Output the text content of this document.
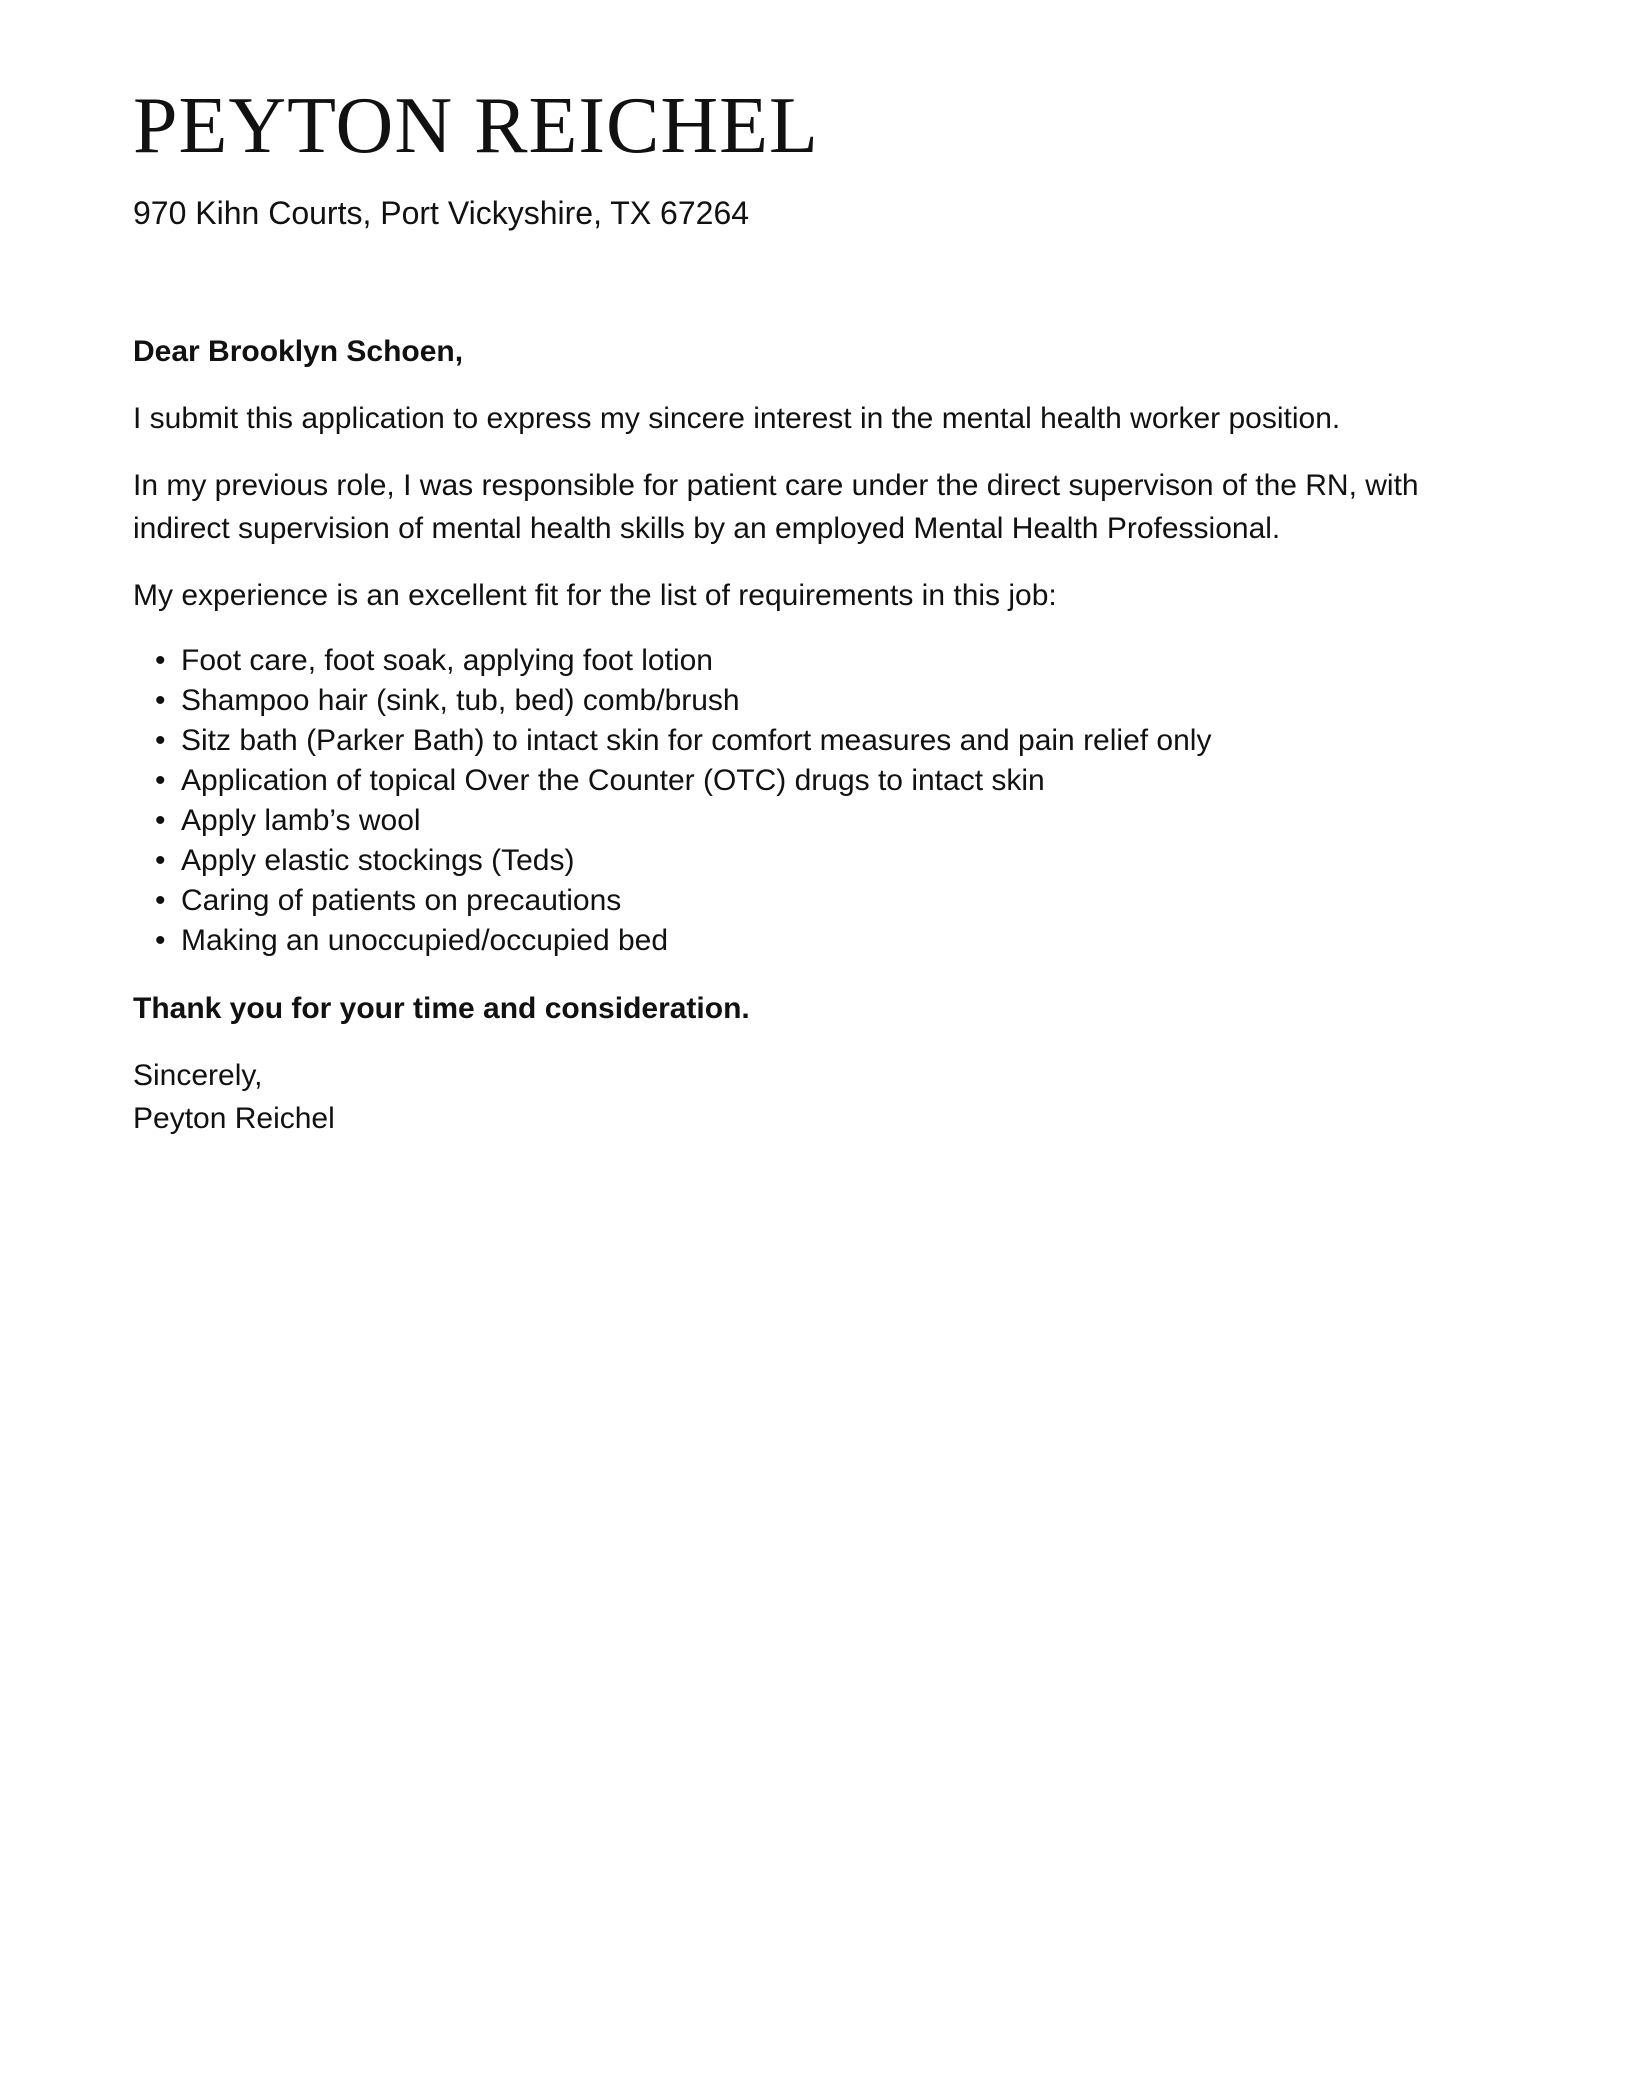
PEYTON REICHEL
970 Kihn Courts, Port Vickyshire, TX 67264

Dear Brooklyn Schoen,

I submit this application to express my sincere interest in the mental health worker position.

In my previous role, I was responsible for patient care under the direct supervison of the RN, with indirect supervision of mental health skills by an employed Mental Health Professional.

My experience is an excellent fit for the list of requirements in this job:

• Foot care, foot soak, applying foot lotion
• Shampoo hair (sink, tub, bed) comb/brush
• Sitz bath (Parker Bath) to intact skin for comfort measures and pain relief only
• Application of topical Over the Counter (OTC) drugs to intact skin
• Apply lamb’s wool
• Apply elastic stockings (Teds)
• Caring of patients on precautions
• Making an unoccupied/occupied bed

Thank you for your time and consideration.

Sincerely,
Peyton Reichel
